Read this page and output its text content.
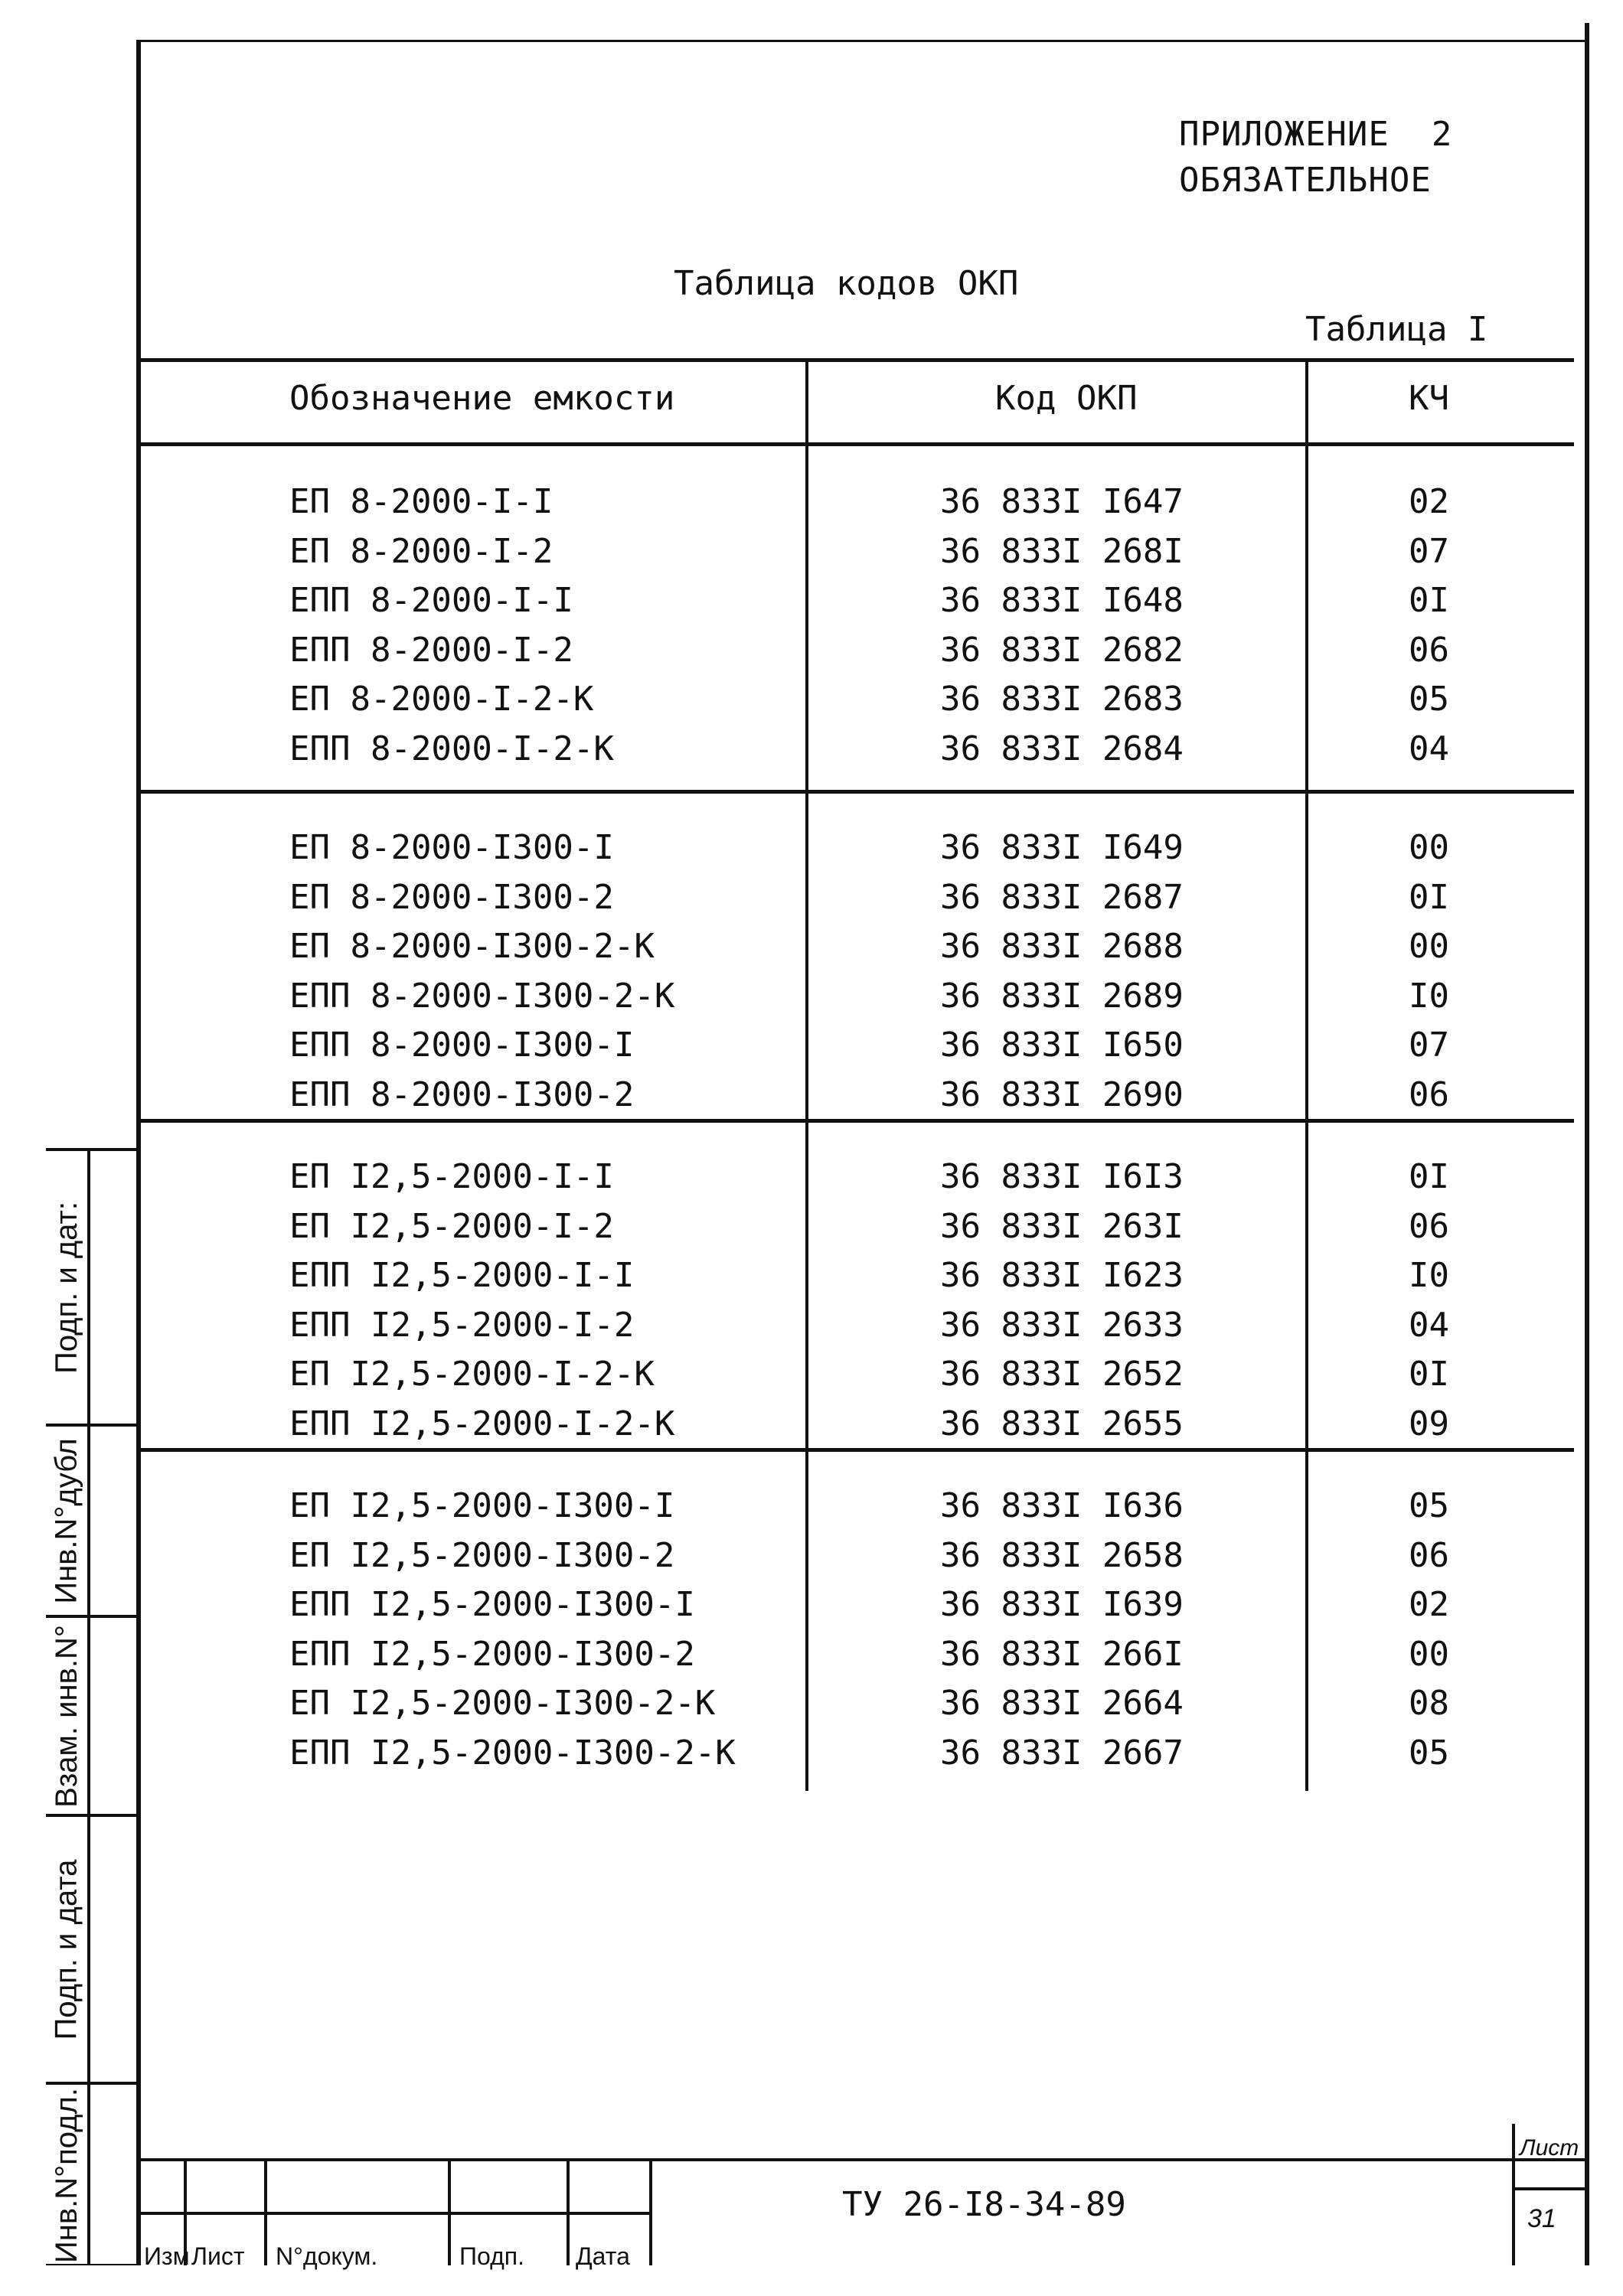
ПРИЛОЖЕНИЕ  2
ОБЯЗАТЕЛЬНОЕ
Таблица кодов ОКП
Таблица I
Обозначение емкости	Код ОКП	КЧ
ЕП 8-2000-I-I	36 833I I647	02
ЕП 8-2000-I-2	36 833I 268I	07
ЕПП 8-2000-I-I	36 833I I648	0I
ЕПП 8-2000-I-2	36 833I 2682	06
ЕП 8-2000-I-2-К	36 833I 2683	05
ЕПП 8-2000-I-2-К	36 833I 2684	04
ЕП 8-2000-I300-I	36 833I I649	00
ЕП 8-2000-I300-2	36 833I 2687	0I
ЕП 8-2000-I300-2-К	36 833I 2688	00
ЕПП 8-2000-I300-2-К	36 833I 2689	I0
ЕПП 8-2000-I300-I	36 833I I650	07
ЕПП 8-2000-I300-2	36 833I 2690	06
ЕП I2,5-2000-I-I	36 833I I6I3	0I
ЕП I2,5-2000-I-2	36 833I 263I	06
ЕПП I2,5-2000-I-I	36 833I I623	I0
ЕПП I2,5-2000-I-2	36 833I 2633	04
ЕП I2,5-2000-I-2-К	36 833I 2652	0I
ЕПП I2,5-2000-I-2-К	36 833I 2655	09
ЕП I2,5-2000-I300-I	36 833I I636	05
ЕП I2,5-2000-I300-2	36 833I 2658	06
ЕПП I2,5-2000-I300-I	36 833I I639	02
ЕПП I2,5-2000-I300-2	36 833I 266I	00
ЕП I2,5-2000-I300-2-К	36 833I 2664	08
ЕПП I2,5-2000-I300-2-К	36 833I 2667	05
Подп. и дат:
Инв.N°дубл
Взам. инв.N°
Подп. и дата
Инв.N°подл. Изм Лист N°докум.	Подп. Дата
ТУ 26-I8-34-89
Лист
31
